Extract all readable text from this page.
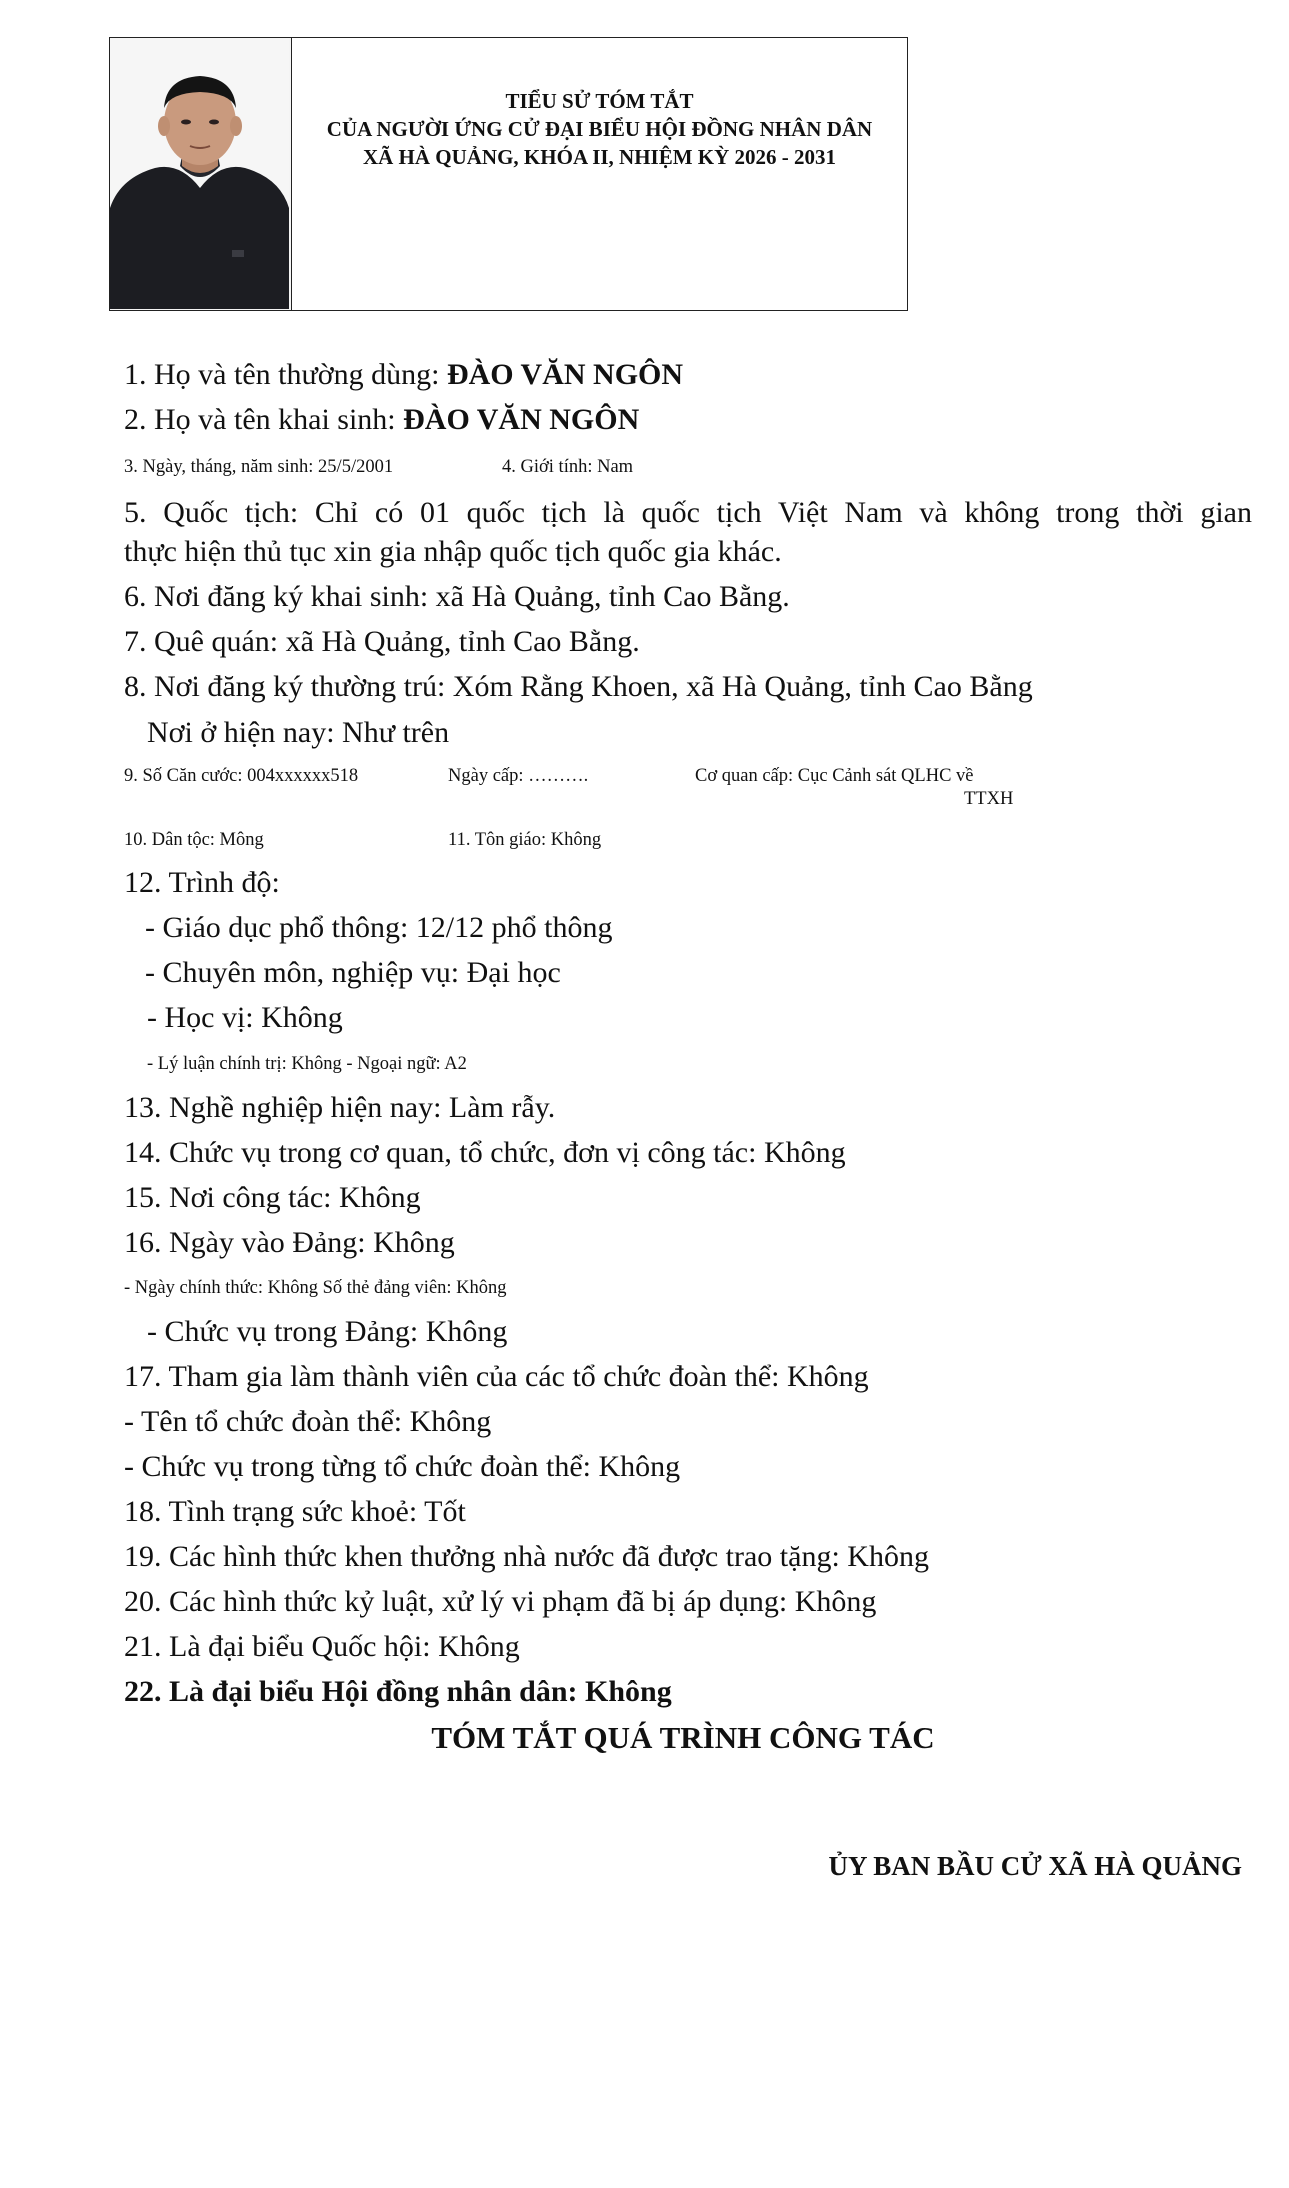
TIỂU SỬ TÓM TẮT
CỦA NGƯỜI ỨNG CỬ ĐẠI BIỂU HỘI ĐỒNG NHÂN DÂN
XÃ HÀ QUẢNG, KHÓA II, NHIỆM KỲ 2026 - 2031
1. Họ và tên thường dùng: ĐÀO VĂN NGÔN
2. Họ và tên khai sinh: ĐÀO VĂN NGÔN
3. Ngày, tháng, năm sinh: 25/5/2001	4. Giới tính: Nam
5. Quốc tịch: Chỉ có 01 quốc tịch là quốc tịch Việt Nam và không trong thời gian
thực hiện thủ tục xin gia nhập quốc tịch quốc gia khác.
6. Nơi đăng ký khai sinh: xã Hà Quảng, tỉnh Cao Bằng.
7. Quê quán: xã Hà Quảng, tỉnh Cao Bằng.
8. Nơi đăng ký thường trú: Xóm Rằng Khoen, xã Hà Quảng, tỉnh Cao Bằng
Nơi ở hiện nay: Như trên
9. Số Căn cước: 004xxxxxx518	Ngày cấp: ……….	Cơ quan cấp: Cục Cảnh sát QLHC về
TTXH
10. Dân tộc: Mông	11. Tôn giáo: Không
12. Trình độ:
- Giáo dục phổ thông: 12/12 phổ thông
- Chuyên môn, nghiệp vụ: Đại học
- Học vị: Không
- Lý luận chính trị: Không - Ngoại ngữ: A2
13. Nghề nghiệp hiện nay: Làm rẫy.
14. Chức vụ trong cơ quan, tổ chức, đơn vị công tác: Không
15. Nơi công tác: Không
16. Ngày vào Đảng: Không
- Ngày chính thức: Không Số thẻ đảng viên: Không
- Chức vụ trong Đảng: Không
17. Tham gia làm thành viên của các tổ chức đoàn thể: Không
- Tên tổ chức đoàn thể: Không
- Chức vụ trong từng tổ chức đoàn thể: Không
18. Tình trạng sức khoẻ: Tốt
19. Các hình thức khen thưởng nhà nước đã được trao tặng: Không
20. Các hình thức kỷ luật, xử lý vi phạm đã bị áp dụng: Không
21. Là đại biểu Quốc hội: Không
22. Là đại biểu Hội đồng nhân dân: Không
TÓM TẮT QUÁ TRÌNH CÔNG TÁC
ỦY BAN BẦU CỬ XÃ HÀ QUẢNG
